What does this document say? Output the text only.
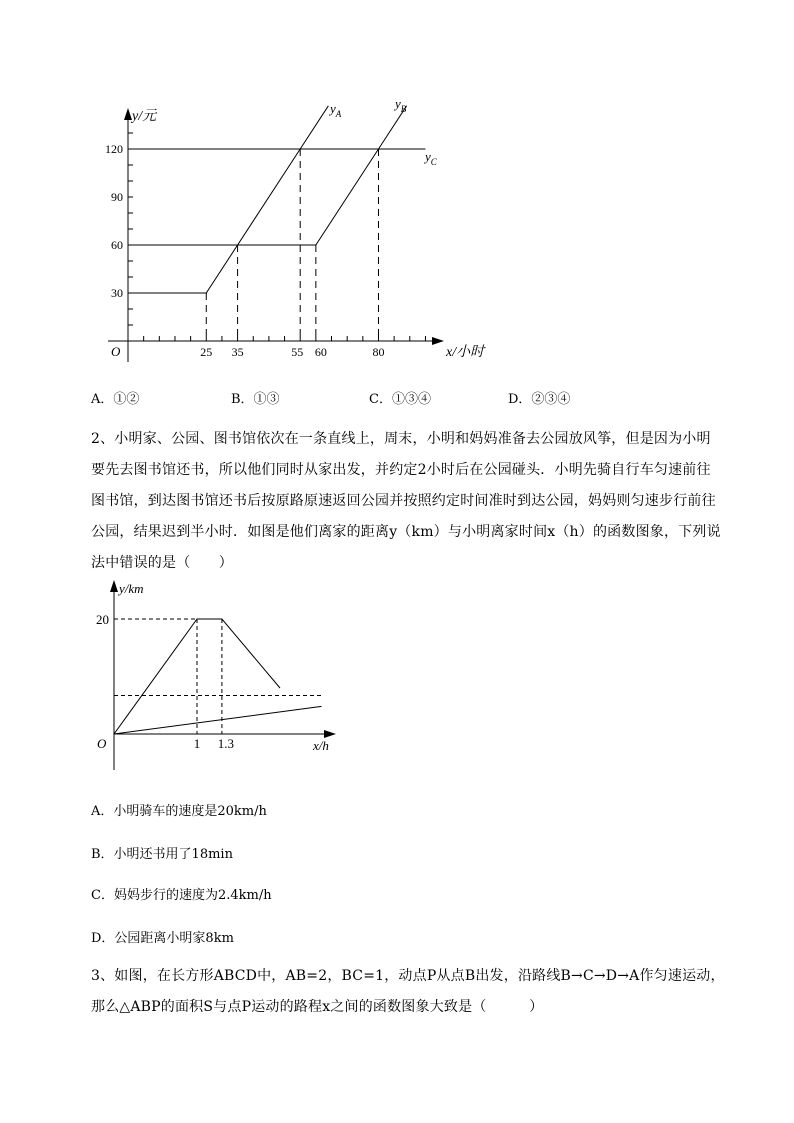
y/元
x/小时
O
30
60
90
120
25 35	55 60	80
$y_A$
$y_B$
$y_C$
A．①②	B．①③	C．①③④	D．②③④
2、小明家、公园、图书馆依次在一条直线上，周末，小明和妈妈准备去公园放风筝，但是因为小明
要先去图书馆还书，所以他们同时从家出发，并约定2小时后在公园碰头．小明先骑自行车匀速前往
图书馆，到达图书馆还书后按原路原速返回公园并按照约定时间准时到达公园，妈妈则匀速步行前往
公园，结果迟到半小时．如图是他们离家的距离y（km）与小明离家时间x（h）的函数图象，下列说
法中错误的是（　　）
y/km
x/h
O
20
1 1.3
A．小明骑车的速度是20km/h
B．小明还书用了18min
C．妈妈步行的速度为2.4km/h
D．公园距离小明家8km
3、如图，在长方形ABCD中，AB=2，BC=1，动点P从点B出发，沿路线B→C→D→A作匀速运动，
那么△ABP的面积S与点P运动的路程x之间的函数图象大致是（　　　）
